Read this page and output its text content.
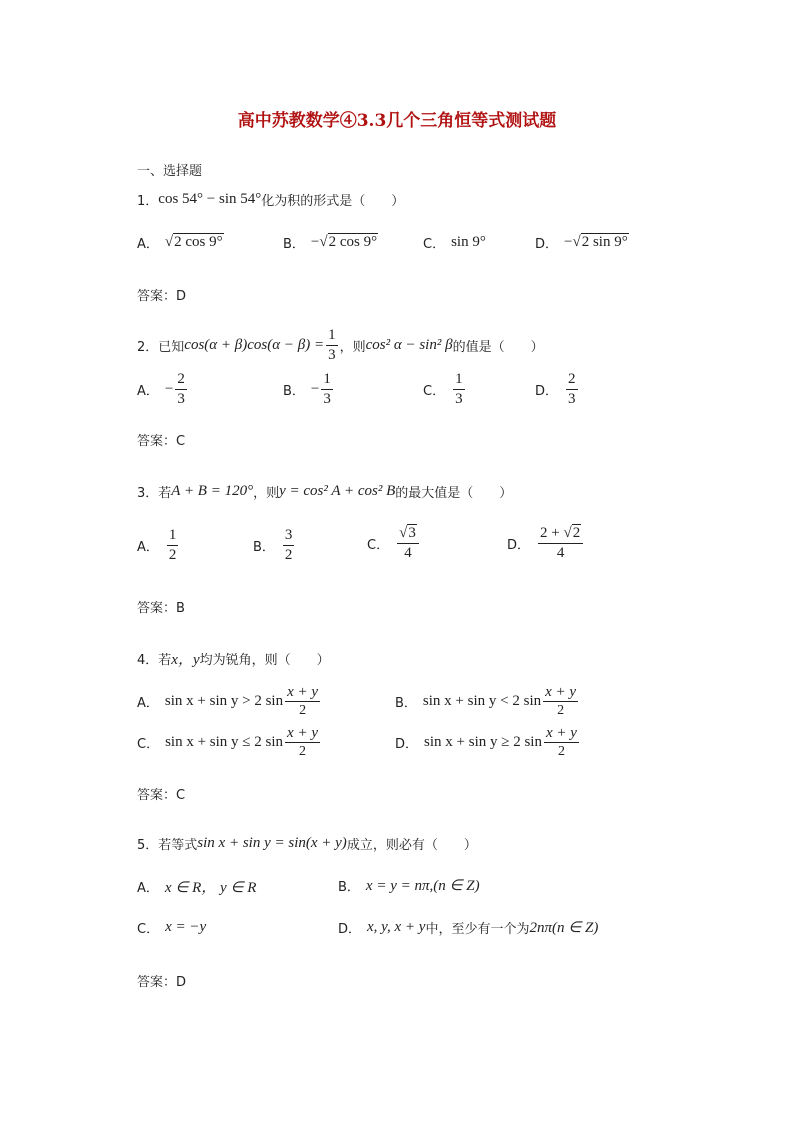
高中苏教数学④3.3几个三角恒等式测试题
一、选择题
1． cos 54° − sin 54° 化为积的形式是（　　）
A． √ 2 cos 9°	B． − √ 2 cos 9°	C． sin 9°	D． − √ 2 sin 9°
答案：D
2． 已知 $\cos(\alpha + \beta)\cos(\alpha - \beta) = \frac{1}{3}$ ，则 cos² α − sin² β 的值是（　　）
A． − $\frac{2}{3}$	B． − $\frac{1}{3}$	C． $\frac{1}{3}$	D． $\frac{2}{3}$
答案：C
3． 若 A + B = 120° ，则 y = cos² A + cos² B 的最大值是（　　）
A． $\frac{1}{2}$	B． $\frac{3}{2}$	C． $\frac{√3}{4}$	D． $\frac{2 + √2}{4}$
答案：B
4． 若 x，y 均为锐角，则（　　）
A． sin x + sin y > 2 $\sin \frac{x + y}{2}$	B． sin x + sin y < 2 $\sin \frac{x + y}{2}$
C． sin x + sin y ≤ 2 $\sin \frac{x + y}{2}$	D． sin x + sin y ≥ 2 $\sin \frac{x + y}{2}$
答案：C
5． 若等式 sin x + sin y = sin(x + y) 成立，则必有（　　）
A． x ∈ R， y ∈ R	B． x = y = nπ,(n ∈ Z)
C． x = −y	D． x, y, x + y 中，至少有一个为 2nπ(n ∈ Z)
答案：D
